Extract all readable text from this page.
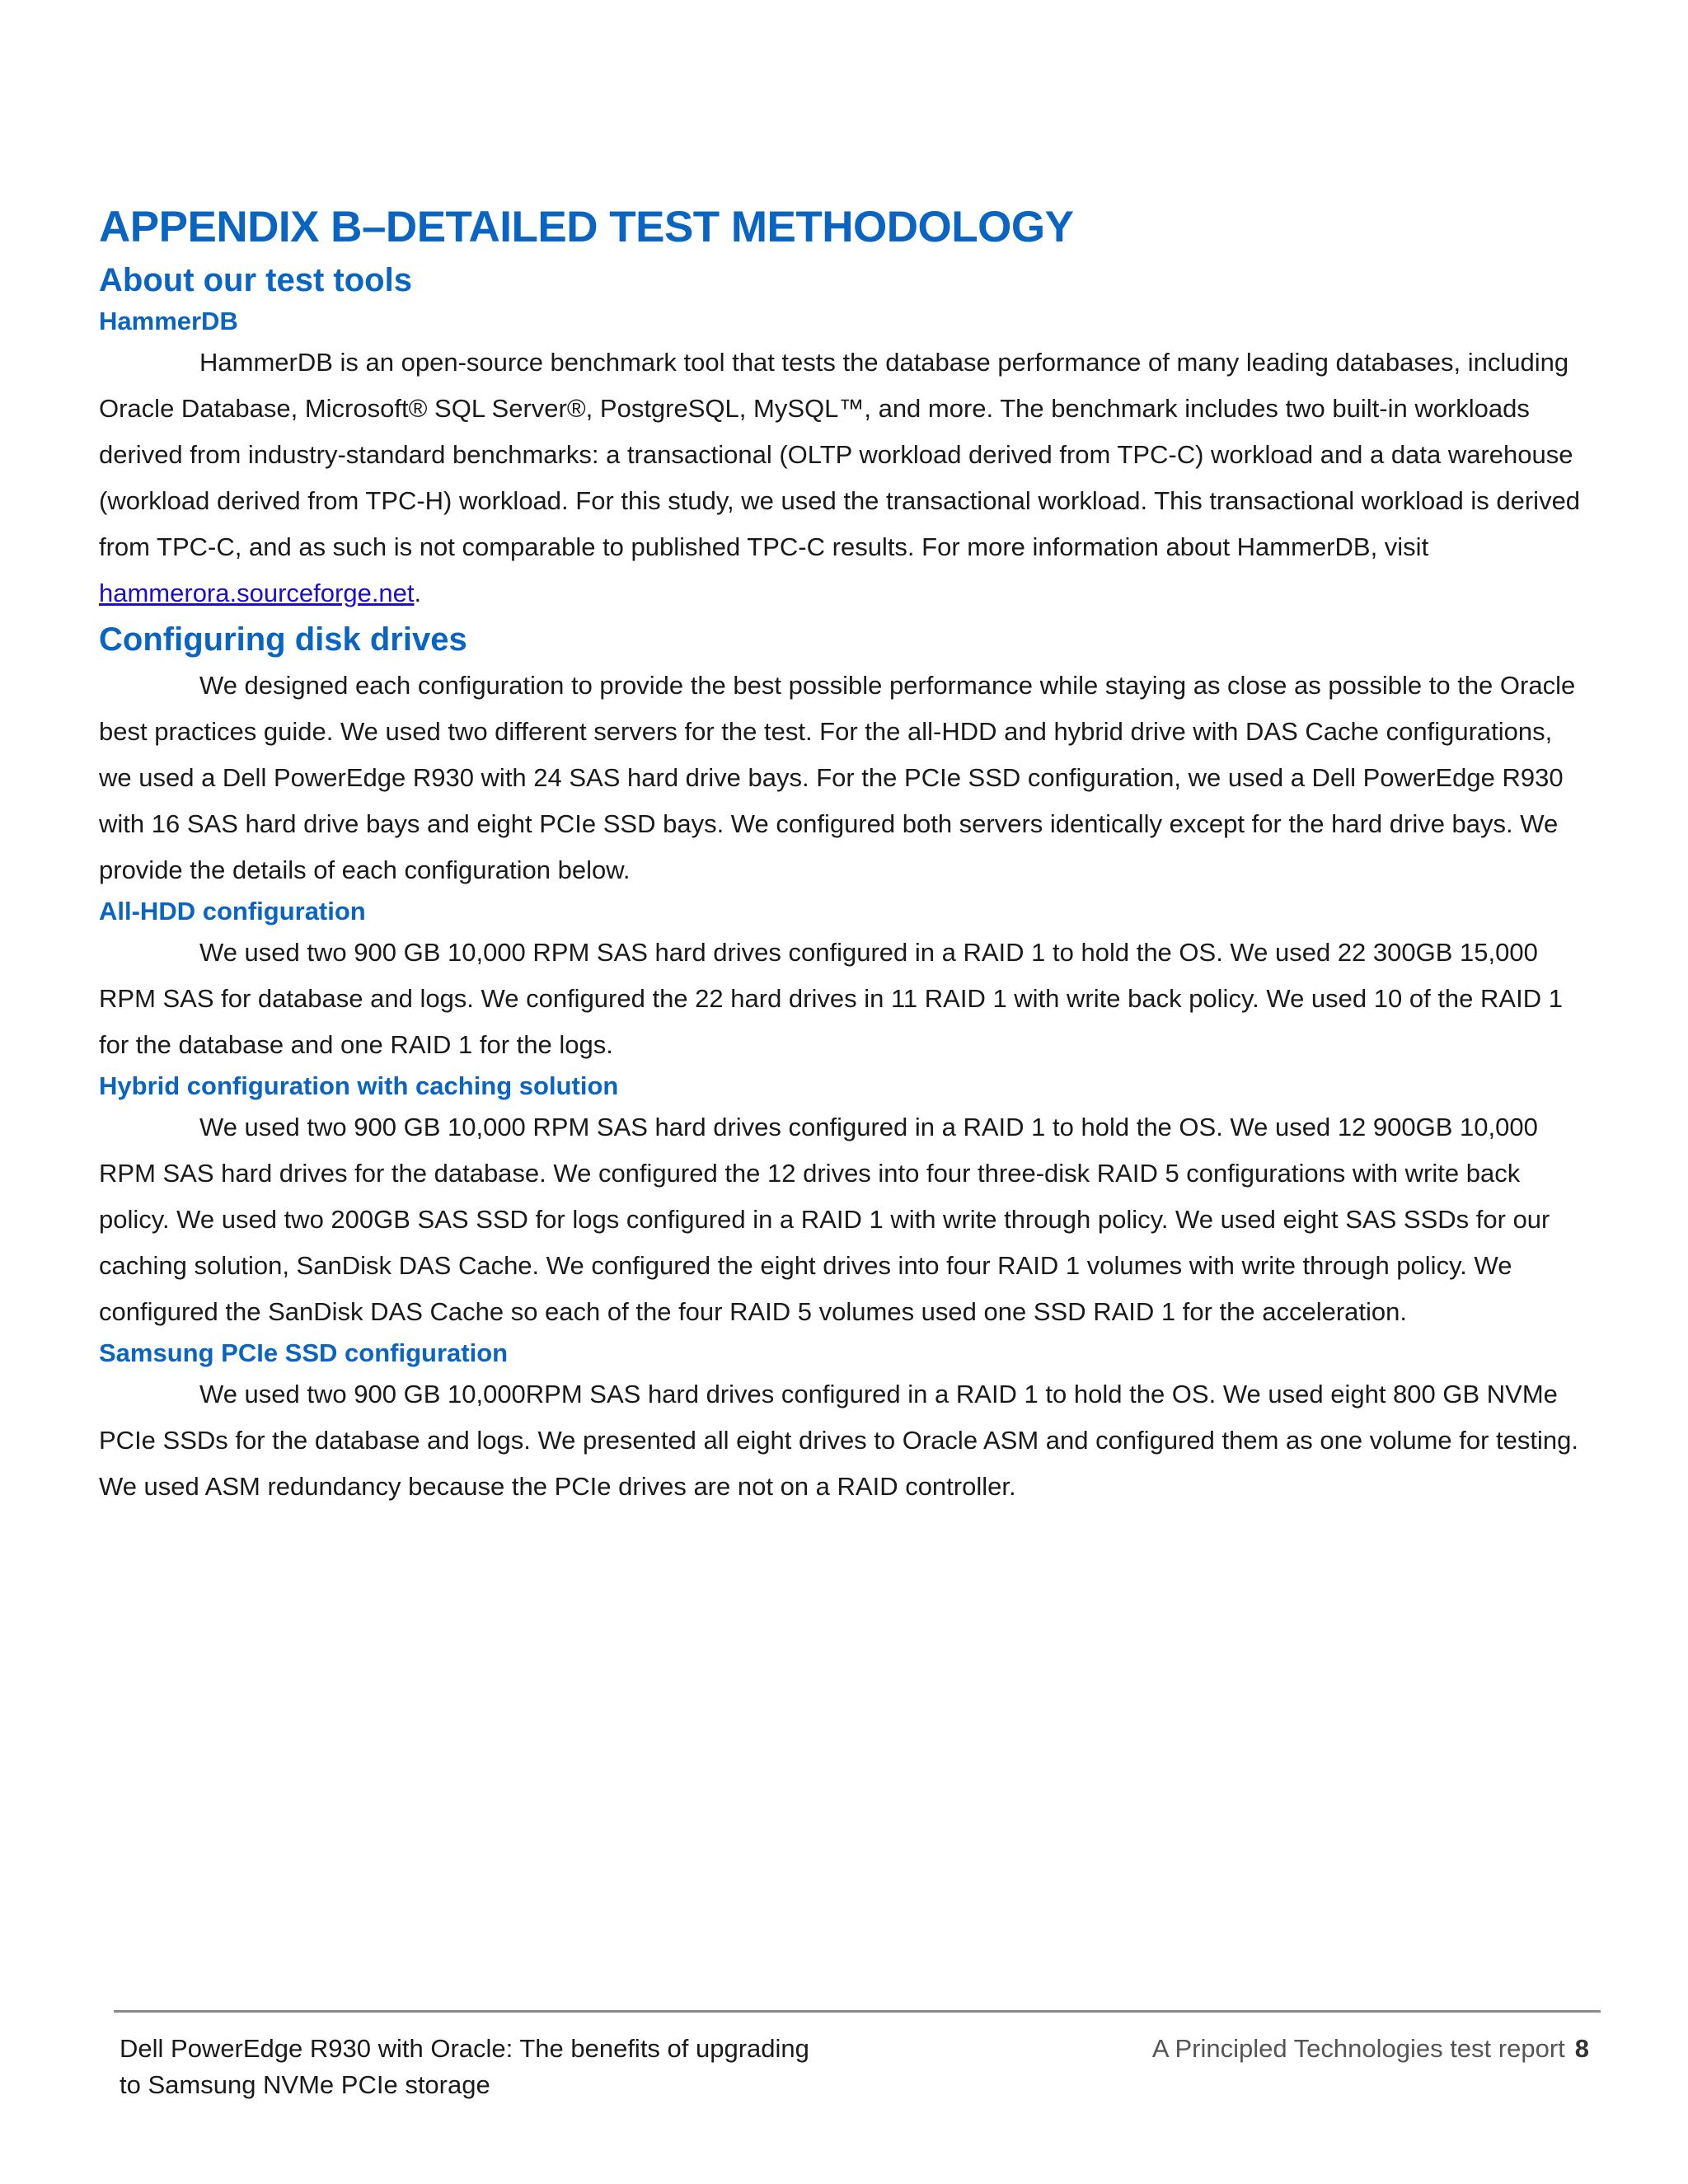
APPENDIX B–DETAILED TEST METHODOLOGY
About our test tools
HammerDB

HammerDB is an open-source benchmark tool that tests the database performance of many leading databases, including Oracle Database, Microsoft® SQL Server®, PostgreSQL, MySQL™, and more. The benchmark includes two built-in workloads derived from industry-standard benchmarks: a transactional (OLTP workload derived from TPC-C) workload and a data warehouse (workload derived from TPC-H) workload. For this study, we used the transactional workload. This transactional workload is derived from TPC-C, and as such is not comparable to published TPC-C results. For more information about HammerDB, visit hammerora.sourceforge.net.

Configuring disk drives

We designed each configuration to provide the best possible performance while staying as close as possible to the Oracle best practices guide. We used two different servers for the test. For the all-HDD and hybrid drive with DAS Cache configurations, we used a Dell PowerEdge R930 with 24 SAS hard drive bays. For the PCIe SSD configuration, we used a Dell PowerEdge R930 with 16 SAS hard drive bays and eight PCIe SSD bays. We configured both servers identically except for the hard drive bays. We provide the details of each configuration below.

All-HDD configuration

We used two 900 GB 10,000 RPM SAS hard drives configured in a RAID 1 to hold the OS. We used 22 300GB 15,000 RPM SAS for database and logs. We configured the 22 hard drives in 11 RAID 1 with write back policy. We used 10 of the RAID 1 for the database and one RAID 1 for the logs.

Hybrid configuration with caching solution

We used two 900 GB 10,000 RPM SAS hard drives configured in a RAID 1 to hold the OS. We used 12 900GB 10,000 RPM SAS hard drives for the database. We configured the 12 drives into four three-disk RAID 5 configurations with write back policy. We used two 200GB SAS SSD for logs configured in a RAID 1 with write through policy. We used eight SAS SSDs for our caching solution, SanDisk DAS Cache. We configured the eight drives into four RAID 1 volumes with write through policy. We configured the SanDisk DAS Cache so each of the four RAID 5 volumes used one SSD RAID 1 for the acceleration.

Samsung PCIe SSD configuration

We used two 900 GB 10,000RPM SAS hard drives configured in a RAID 1 to hold the OS. We used eight 800 GB NVMe PCIe SSDs for the database and logs. We presented all eight drives to Oracle ASM and configured them as one volume for testing. We used ASM redundancy because the PCIe drives are not on a RAID controller.

Dell PowerEdge R930 with Oracle: The benefits of upgrading
to Samsung NVMe PCIe storage
A Principled Technologies test report 8
